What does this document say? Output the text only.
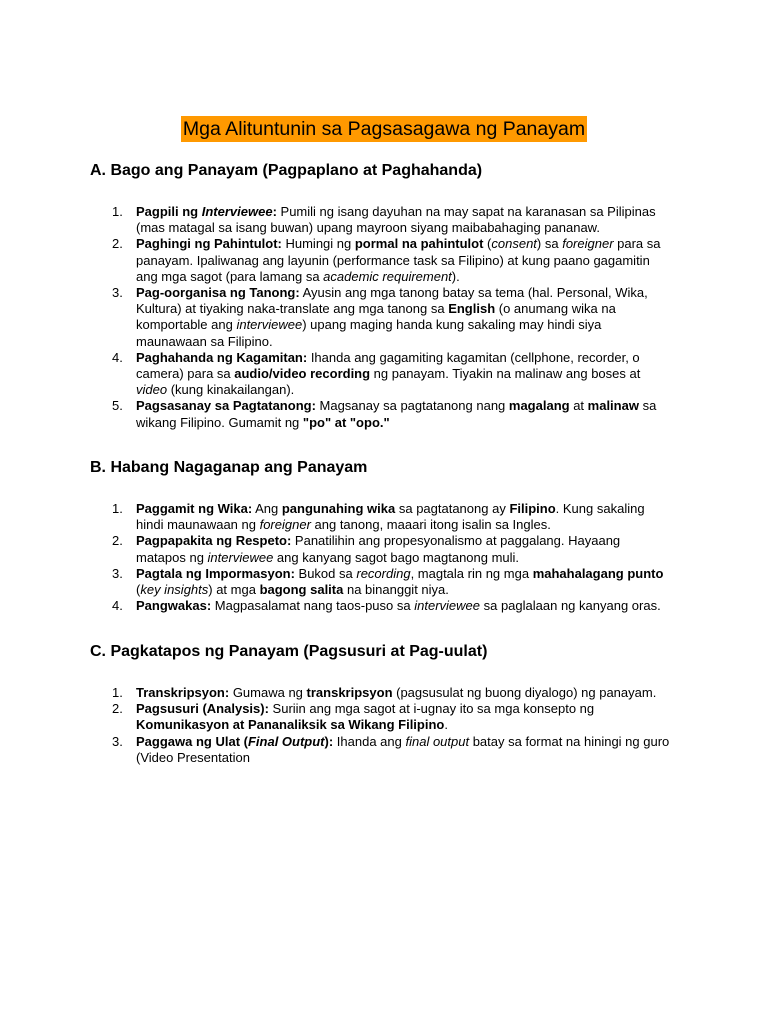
Mga Alituntunin sa Pagsasagawa ng Panayam
A. Bago ang Panayam (Pagpaplano at Paghahanda)
1. Pagpili ng Interviewee: Pumili ng isang dayuhan na may sapat na karanasan sa Pilipinas (mas matagal sa isang buwan) upang mayroon siyang maibabahaging pananaw.
2. Paghingi ng Pahintulot: Humingi ng pormal na pahintulot (consent) sa foreigner para sa panayam. Ipaliwanag ang layunin (performance task sa Filipino) at kung paano gagamitin ang mga sagot (para lamang sa academic requirement).
3. Pag-oorganisa ng Tanong: Ayusin ang mga tanong batay sa tema (hal. Personal, Wika, Kultura) at tiyaking naka-translate ang mga tanong sa English (o anumang wika na komportable ang interviewee) upang maging handa kung sakaling may hindi siya maunawaan sa Filipino.
4. Paghahanda ng Kagamitan: Ihanda ang gagamiting kagamitan (cellphone, recorder, o camera) para sa audio/video recording ng panayam. Tiyakin na malinaw ang boses at video (kung kinakailangan).
5. Pagsasanay sa Pagtatanong: Magsanay sa pagtatanong nang magalang at malinaw sa wikang Filipino. Gumamit ng "po" at "opo."
B. Habang Nagaganap ang Panayam
1. Paggamit ng Wika: Ang pangunahing wika sa pagtatanong ay Filipino. Kung sakaling hindi maunawaan ng foreigner ang tanong, maaari itong isalin sa Ingles.
2. Pagpapakita ng Respeto: Panatilihin ang propesyonalismo at paggalang. Hayaang matapos ng interviewee ang kanyang sagot bago magtanong muli.
3. Pagtala ng Impormasyon: Bukod sa recording, magtala rin ng mga mahahalagang punto (key insights) at mga bagong salita na binanggit niya.
4. Pangwakas: Magpasalamat nang taos-puso sa interviewee sa paglalaan ng kanyang oras.
C. Pagkatapos ng Panayam (Pagsusuri at Pag-uulat)
1. Transkripsyon: Gumawa ng transkripsyon (pagsusulat ng buong diyalogo) ng panayam.
2. Pagsusuri (Analysis): Suriin ang mga sagot at i-ugnay ito sa mga konsepto ng Komunikasyon at Pananaliksik sa Wikang Filipino.
3. Paggawa ng Ulat (Final Output): Ihanda ang final output batay sa format na hiningi ng guro (Video Presentation
